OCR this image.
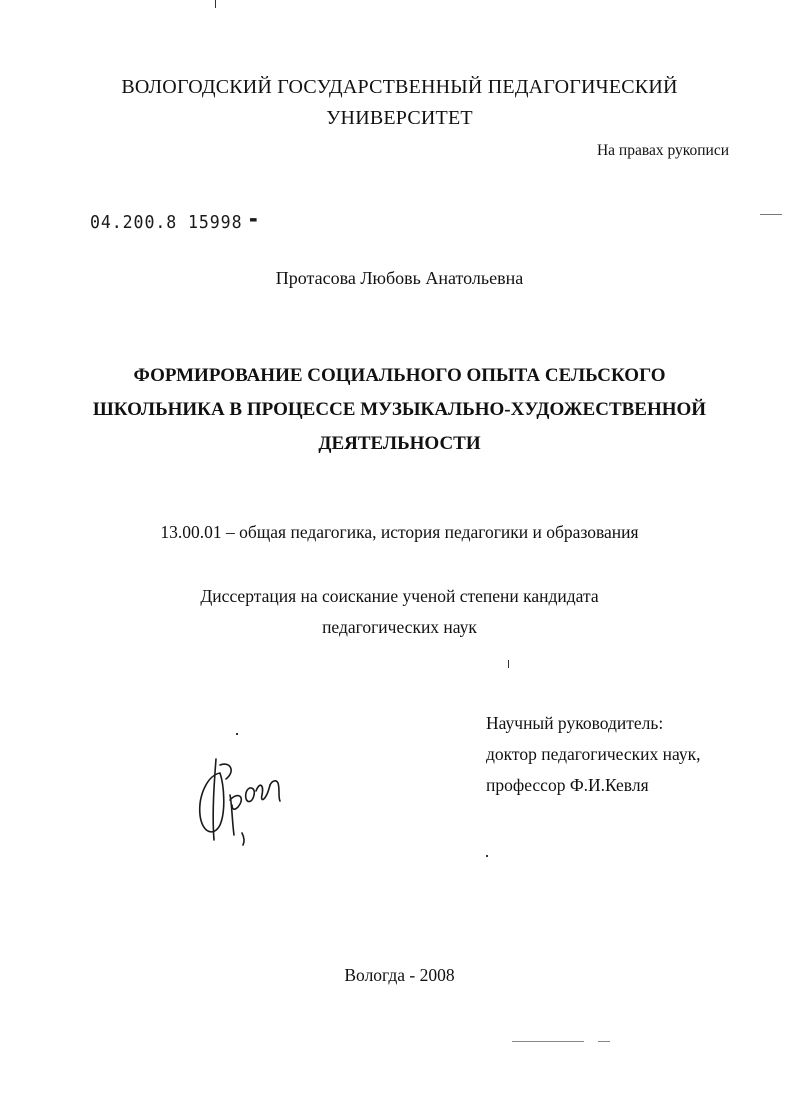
ВОЛОГОДСКИЙ ГОСУДАРСТВЕННЫЙ ПЕДАГОГИЧЕСКИЙ
УНИВЕРСИТЕТ
На правах рукописи
04.200.8 15998 ▬
Протасова Любовь Анатольевна
ФОРМИРОВАНИЕ СОЦИАЛЬНОГО ОПЫТА СЕЛЬСКОГО
ШКОЛЬНИКА В ПРОЦЕССЕ МУЗЫКАЛЬНО-ХУДОЖЕСТВЕННОЙ
ДЕЯТЕЛЬНОСТИ
13.00.01 – общая педагогика, история педагогики и образования
Диссертация на соискание ученой степени кандидата
педагогических наук
Научный руководитель:
доктор педагогических наук,
профессор Ф.И.Кевля
Вологда - 2008
